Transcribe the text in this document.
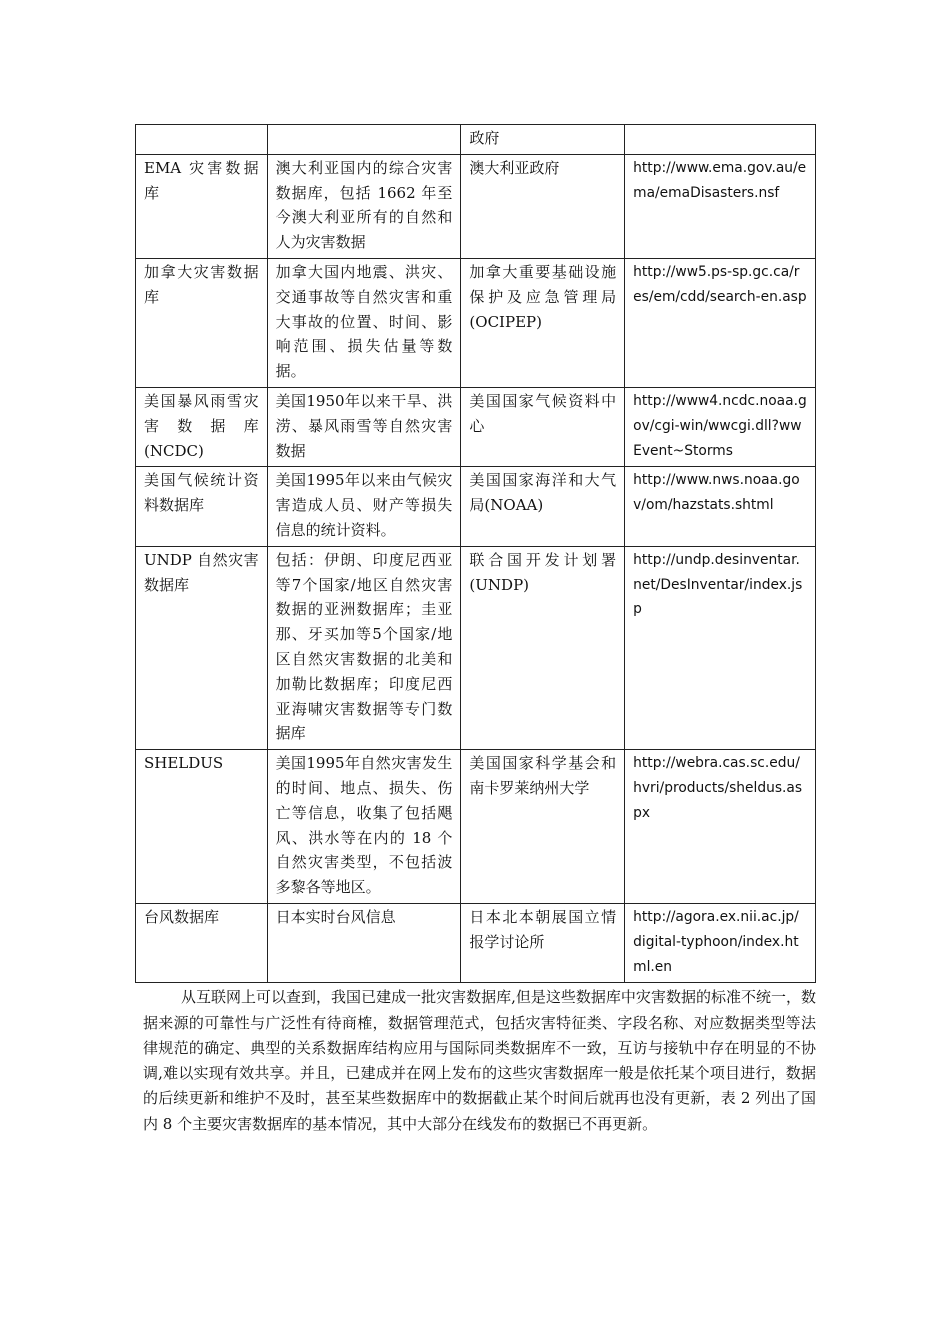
		政府	
EMA 灾害数据库	澳大利亚国内的综合灾害数据库，包括 1662 年至今澳大利亚所有的自然和人为灾害数据	澳大利亚政府	http://www.ema.gov.au/ema/emaDisasters.nsf
加拿大灾害数据库	加拿大国内地震、洪灾、交通事故等自然灾害和重大事故的位置、时间、影响范围、损失估量等数据。	加拿大重要基础设施保护及应急管理局(OCIPEP)	http://ww5.ps-sp.gc.ca/res/em/cdd/search-en.asp
美国暴风雨雪灾害数据库(NCDC)	美国1950年以来干旱、洪涝、暴风雨雪等自然灾害数据	美国国家气候资料中心	http://www4.ncdc.noaa.gov/cgi-win/wwcgi.dll?wwEvent~Storms
美国气候统计资料数据库	美国1995年以来由气候灾害造成人员、财产等损失信息的统计资料。	美国国家海洋和大气局(NOAA)	http://www.nws.noaa.gov/om/hazstats.shtml
UNDP 自然灾害数据库	包括：伊朗、印度尼西亚等7个国家/地区自然灾害数据的亚洲数据库；圭亚那、牙买加等5个国家/地区自然灾害数据的北美和加勒比数据库；印度尼西亚海啸灾害数据等专门数据库	联合国开发计划署(UNDP)	http://undp.desinventar.net/DesInventar/index.jsp
SHELDUS	美国1995年自然灾害发生的时间、地点、损失、伤亡等信息，收集了包括飓风、洪水等在内的 18 个自然灾害类型，不包括波多黎各等地区。	美国国家科学基会和南卡罗莱纳州大学	http://webra.cas.sc.edu/hvri/products/sheldus.aspx
台风数据库	日本实时台风信息	日本北本朝展国立情报学讨论所	http://agora.ex.nii.ac.jp/digital-typhoon/index.html.en

从互联网上可以查到，我国已建成一批灾害数据库,但是这些数据库中灾害数据的标准不统一，数据来源的可靠性与广泛性有待商榷，数据管理范式，包括灾害特征类、字段名称、对应数据类型等法律规范的确定、典型的关系数据库结构应用与国际同类数据库不一致，互访与接轨中存在明显的不协调,难以实现有效共享。并且，已建成并在网上发布的这些灾害数据库一般是依托某个项目进行，数据的后续更新和维护不及时，甚至某些数据库中的数据截止某个时间后就再也没有更新，表 2 列出了国内 8 个主要灾害数据库的基本情况，其中大部分在线发布的数据已不再更新。
